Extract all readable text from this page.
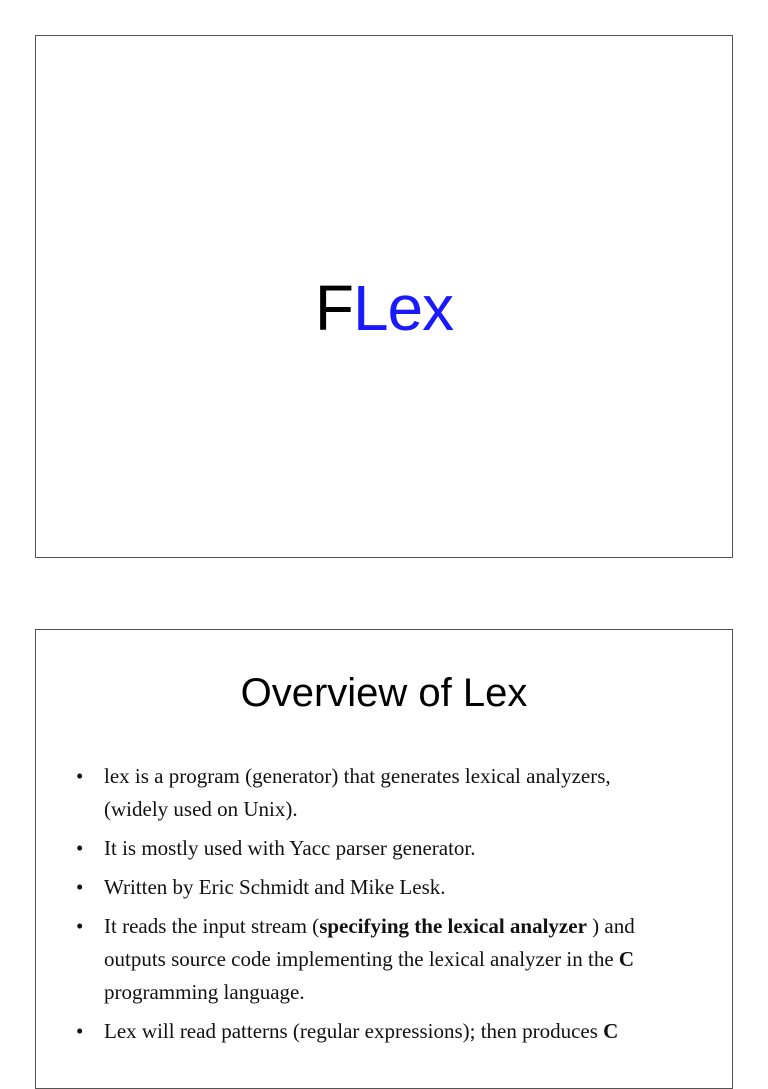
FLex
Overview of Lex
• lex is a program (generator) that generates lexical analyzers, (widely used on Unix).
• It is mostly used with Yacc parser generator.
• Written by Eric Schmidt and Mike Lesk.
• It reads the input stream (specifying the lexical analyzer ) and outputs source code implementing the lexical analyzer in the C programming language.
• Lex will read patterns (regular expressions); then produces C
